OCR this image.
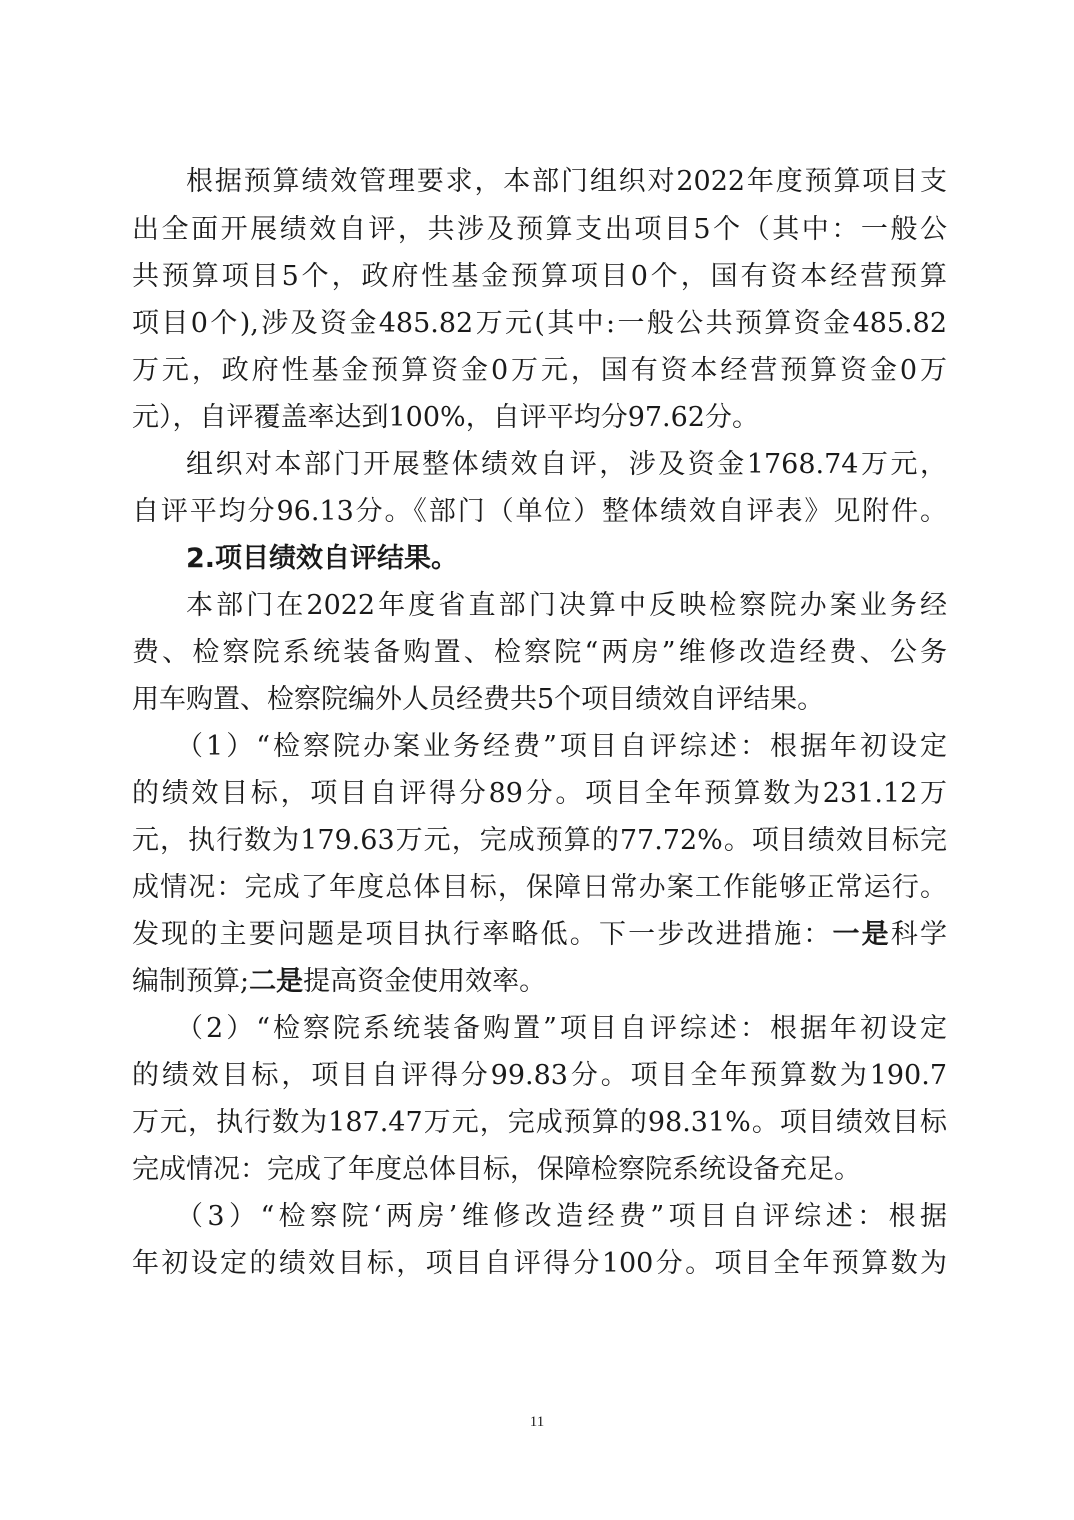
根据预算绩效管理要求，本部门组织对2022年度预算项目支
出全面开展绩效自评，共涉及预算支出项目5个（其中：一般公
共预算项目5个，政府性基金预算项目0个，国有资本经营预算
项目0个),涉及资金485.82万元(其中:一般公共预算资金485.82
万元，政府性基金预算资金0万元，国有资本经营预算资金0万
元），自评覆盖率达到100%，自评平均分97.62分。
组织对本部门开展整体绩效自评，涉及资金1768.74万元，
自评平均分96.13分。《部门（单位）整体绩效自评表》见附件。
2.项目绩效自评结果。
本部门在2022年度省直部门决算中反映检察院办案业务经
费、检察院系统装备购置、检察院“两房”维修改造经费、公务
用车购置、检察院编外人员经费共5个项目绩效自评结果。
（1）“检察院办案业务经费”项目自评综述：根据年初设定
的绩效目标，项目自评得分89分。项目全年预算数为231.12万
元，执行数为179.63万元，完成预算的77.72%。项目绩效目标完
成情况：完成了年度总体目标，保障日常办案工作能够正常运行。
发现的主要问题是项目执行率略低。下一步改进措施：一是科学
编制预算;二是提高资金使用效率。
（2）“检察院系统装备购置”项目自评综述：根据年初设定
的绩效目标，项目自评得分99.83分。项目全年预算数为190.7
万元，执行数为187.47万元，完成预算的98.31%。项目绩效目标
完成情况：完成了年度总体目标，保障检察院系统设备充足。
（3）“检察院‘两房’维修改造经费”项目自评综述：根据
年初设定的绩效目标，项目自评得分100分。项目全年预算数为
11
